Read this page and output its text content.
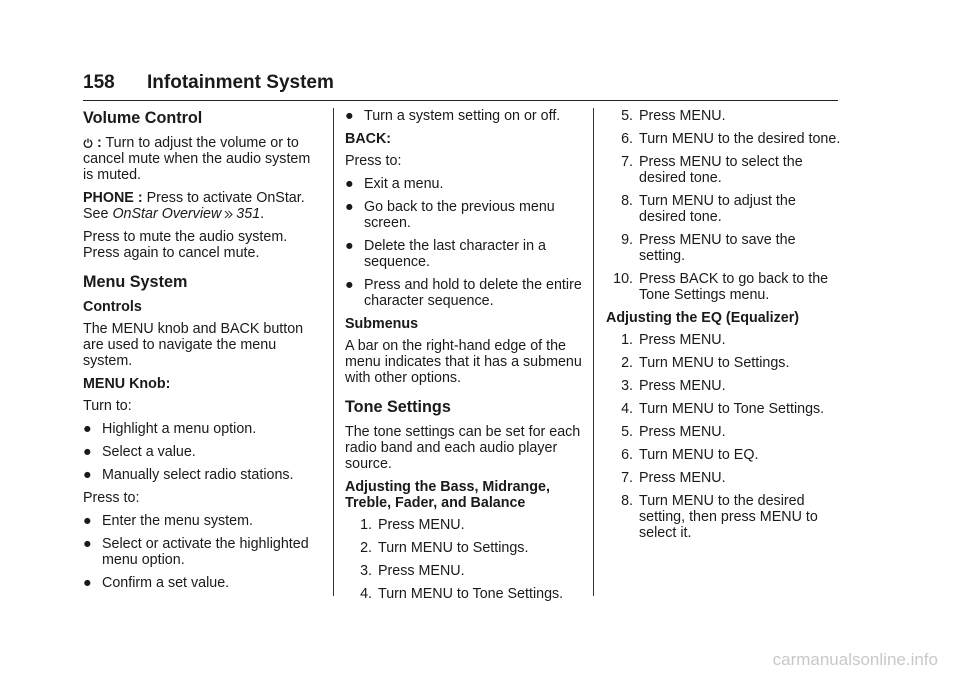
158 Infotainment System
Volume Control

: Turn to adjust the volume or to cancel mute when the audio system is muted.

PHONE : Press to activate OnStar.
See OnStar Overview 351.

Press to mute the audio system. Press again to cancel mute.

Menu System
Controls

The MENU knob and BACK button are used to navigate the menu system.

MENU Knob:

Turn to:

● Highlight a menu option.
● Select a value.
● Manually select radio stations.

Press to:

● Enter the menu system.
● Select or activate the highlighted menu option.
● Confirm a set value.
● Turn a system setting on or off.
BACK:

Press to:

● Exit a menu.
● Go back to the previous menu screen.
● Delete the last character in a sequence.
● Press and hold to delete the entire character sequence.
Submenus

A bar on the right-hand edge of the menu indicates that it has a submenu with other options.

Tone Settings

The tone settings can be set for each radio band and each audio player source.

Adjusting the Bass, Midrange, Treble, Fader, and Balance
1. Press MENU.
2. Turn MENU to Settings.
3. Press MENU.
4. Turn MENU to Tone Settings.
5. Press MENU.
6. Turn MENU to the desired tone.
7. Press MENU to select the desired tone.
8. Turn MENU to adjust the desired tone.
9. Press MENU to save the setting.
10. Press BACK to go back to the Tone Settings menu.
Adjusting the EQ (Equalizer)
1. Press MENU.
2. Turn MENU to Settings.
3. Press MENU.
4. Turn MENU to Tone Settings.
5. Press MENU.
6. Turn MENU to EQ.
7. Press MENU.
8. Turn MENU to the desired setting, then press MENU to select it.
carmanualsonline.info
